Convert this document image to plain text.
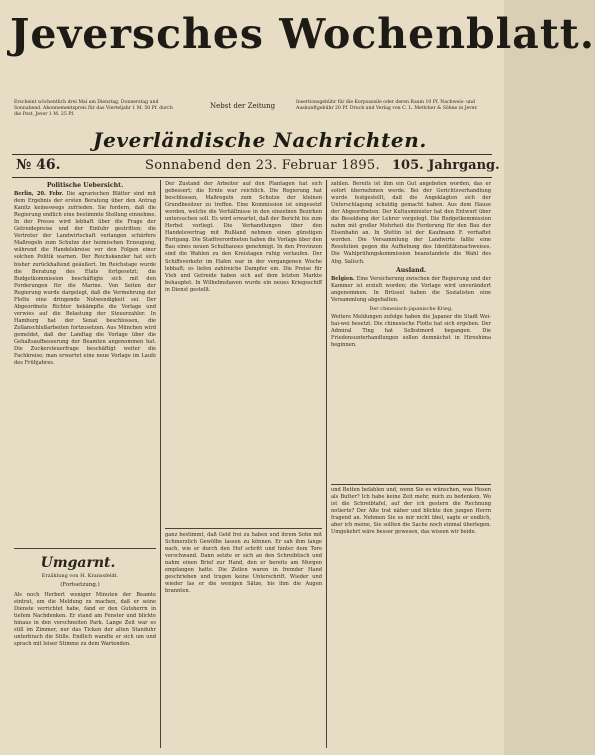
Jeversches Wochenblatt.
Erscheint wöchentlich drei Mal am Dienstag, Donnerstag und Sonnabend. Abonnementspreis für das Vierteljahr 1 M. 50 Pf. durch die Post, Jever 1 M. 25 Pf.
Nebst der Zeitung	Insertionsgebühr für die Korpuszeile oder deren Raum 10 Pf. Nachweis- und Auskunftgebühr 20 Pf. Druck und Verlag von C. L. Mettcker & Söhne in Jever.
Jeverländische Nachrichten.
№ 46.	Sonnabend den 23. Februar 1895. 105. Jahrgang.
Politische Uebersicht.

Berlin, 20. Febr. Die agrarischen Blätter sind mit dem Ergebnis der ersten Beratung über den Antrag Kanitz keineswegs zufrieden. Sie fordern, daß die Regierung endlich eine bestimmte Stellung einnehme. In der Presse wird lebhaft über die Frage der Getreidepreise und der Einfuhr gestritten; die Vertreter der Landwirtschaft verlangen schärfere Maßregeln zum Schutze der heimischen Erzeugung, während die Handelskreise vor den Folgen einer solchen Politik warnen. Der Reichskanzler hat sich bisher zurückhaltend geäußert. Im Reichstage wurde die Beratung des Etats fortgesetzt; die Budgetkommission beschäftigte sich mit den Forderungen für die Marine. Von Seiten der Regierung wurde dargelegt, daß die Vermehrung der Flotte eine dringende Notwendigkeit sei. Der Abgeordnete Richter bekämpfte die Vorlage und verwies auf die Belastung der Steuerzahler. In Hamburg hat der Senat beschlossen, die Zollanschlußarbeiten fortzusetzen. Aus München wird gemeldet, daß der Landtag die Vorlage über die Gehaltsaufbesserung der Beamten angenommen hat. Die Zuckersteuerfrage beschäftigt weiter die Fachkreise; man erwartet eine neue Vorlage im Laufe des Frühjahres.

Umgarnt.
Erzählung von H. Kranssfeldt.
(Fortsetzung.)

Als noch Herbert weniger Minuten der Beamte eintrat, um die Meldung zu machen, daß er seine Dienste verrichtet habe, fand er den Gutsherrn in tiefem Nachdenken. Er stand am Fenster und blickte hinaus in den verschneiten Park. Lange Zeit war es still im Zimmer, nur das Ticken der alten Standuhr unterbrach die Stille. Endlich wandte er sich um und sprach mit leiser Stimme zu dem Wartenden.

Der Zustand der Arbeiter auf den Plantagen hat sich gebessert; die Ernte war reichlich. Die Regierung hat beschlossen, Maßregeln zum Schutze der kleinen Grundbesitzer zu treffen. Eine Kommission ist eingesetzt worden, welche die Verhältnisse in den einzelnen Bezirken untersuchen soll. Es wird erwartet, daß der Bericht bis zum Herbst vorliegt. Die Verhandlungen über den Handelsvertrag mit Rußland nehmen einen günstigen Fortgang. Die Stadtverordneten haben die Vorlage über den Bau eines neuen Schulhauses genehmigt. In den Provinzen sind die Wahlen zu den Kreistagen ruhig verlaufen. Der Schiffsverkehr im Hafen war in der vergangenen Woche lebhaft; es liefen zahlreiche Dampfer ein. Die Preise für Vieh und Getreide haben sich auf dem letzten Markte behauptet. In Wilhelmshaven wurde ein neues Kriegsschiff in Dienst gestellt.

ganz bestimmt, daß Geld frei zu haben und ihrem Sohn mit Schmerzlich Gewölbe lassen zu können. Er sah ihm lange nach, wie er durch den Hof schritt und hinter dem Tore verschwand. Dann setzte er sich an den Schreibtisch und nahm einen Brief zur Hand, den er bereits am Morgen empfangen hatte. Die Zeilen waren in fremder Hand geschrieben und trugen keine Unterschrift. Wieder und wieder las er die wenigen Sätze, bis ihm die Augen brannten.

zahlen. Bereits ist ihm ein Gut angeboten worden, das er sofort übernehmen werde. Bei der Gerichtsverhandlung wurde festgestellt, daß die Angeklagten sich der Unterschlagung schuldig gemacht haben. Aus dem Hause der Abgeordneten: Der Kultusminister hat den Entwurf über die Besoldung der Lehrer vorgelegt. Die Budgetkommission nahm mit großer Mehrheit die Forderung für den Bau der Eisenbahn an. In Stettin ist der Kaufmann F. verhaftet worden. Die Versammlung der Landwirte faßte eine Resolution gegen die Aufhebung des Identitätsnachweises. Die Wahlprüfungskommission beanstandete die Wahl des Abg. Salisch.

Ausland.

Belgien. Eine Versicherung zwischen der Regierung und der Kammer ist erzielt worden; die Vorlage wird unverändert angenommen. In Brüssel haben die Sozialisten eine Versammlung abgehalten.

Der chinesisch-japanische Krieg.

Weitere Meldungen zufolge haben die Japaner die Stadt Wei-hai-wei besetzt. Die chinesische Flotte hat sich ergeben. Der Admiral Ting hat Selbstmord begangen. Die Friedensunterhandlungen sollen demnächst in Hiroshima beginnen.

und Betten befahlen und, wenn Sie es wünschen, was Hosen als Butter? Ich habe keine Zeit mehr, mich zu bedenken. Wo ist die Schreibtafel, auf der ich gestern die Rechnung notierte? Der Alte trat näher und blickte den jungen Herrn fragend an. Nehmen Sie es mir nicht übel, sagte er endlich, aber ich meine, Sie sollten die Sache noch einmal überlegen. Umgekehrt wäre besser gewesen, das wissen wir beide.
